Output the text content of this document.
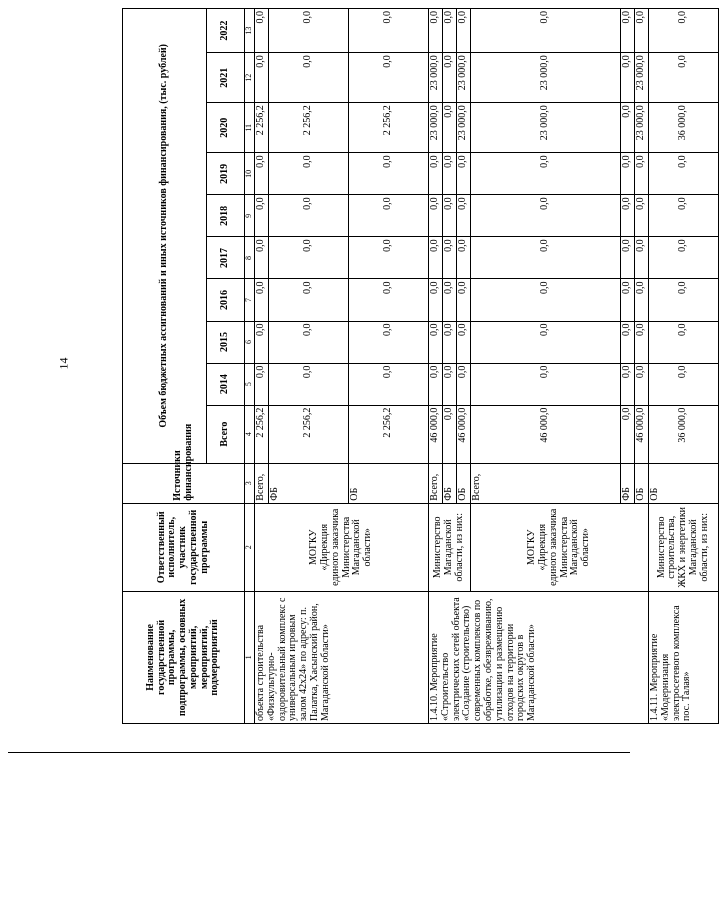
14
Наименование государственной программы, подпрограммы, основных мероприятий, мероприятий, подмероприятий	Ответственный исполнитель, участник государственной программы	Источники финансирования	Объем бюджетных ассигнований и иных источников финансирования, (тыс. рублей)									
			Всего	2014	2015	2016	2017	2018	2019	2020	2021	2022
1	2	3	4	5	6	7	8	9	10	11	12	13
объекта строительства «Физкультурно-оздоровительный комплекс с универсальным игровым залом 42х24» по адресу: п. Палатка, Хасынский район, Магаданской области»	МОГКУ «Дирекция единого заказчика Министерства Магаданской области»	Всего,	2 256,2	0,0	0,0	0,0	0,0	0,0	0,0	2 256,2	0,0	0,0
		ФБ	2 256,2	0,0	0,0	0,0	0,0	0,0	0,0	2 256,2	0,0	0,0
		ОБ	2 256,2	0,0	0,0	0,0	0,0	0,0	0,0	2 256,2	0,0	0,0
1.4.10. Мероприятие «Строительство электрических сетей объекта «Создание (строительство) современных комплексов по обработке, обезвреживанию, утилизации и размещению отходов на территории городских округов в Магаданской области»	Министерство Магаданской области, из них:	Всего,	46 000,0	0,0	0,0	0,0	0,0	0,0	0,0	23 000,0	23 000,0	0,0
		ФБ	0,0	0,0	0,0	0,0	0,0	0,0	0,0	0,0	0,0	0,0
		ОБ	46 000,0	0,0	0,0	0,0	0,0	0,0	0,0	23 000,0	23 000,0	0,0
	МОГКУ «Дирекция единого заказчика Министерства Магаданской области»	Всего,	46 000,0	0,0	0,0	0,0	0,0	0,0	0,0	23 000,0	23 000,0	0,0
		ФБ	0,0	0,0	0,0	0,0	0,0	0,0	0,0	0,0	0,0	0,0
		ОБ	46 000,0	0,0	0,0	0,0	0,0	0,0	0,0	23 000,0	23 000,0	0,0
1.4.11. Мероприятие «Модернизация электросетевого комплекса пос. Талая»	Министерство строительства, ЖКХ и энергетики Магаданской области, из них:	ОБ	36 000,0	0,0	0,0	0,0	0,0	0,0	0,0	36 000,0	0,0	0,0
